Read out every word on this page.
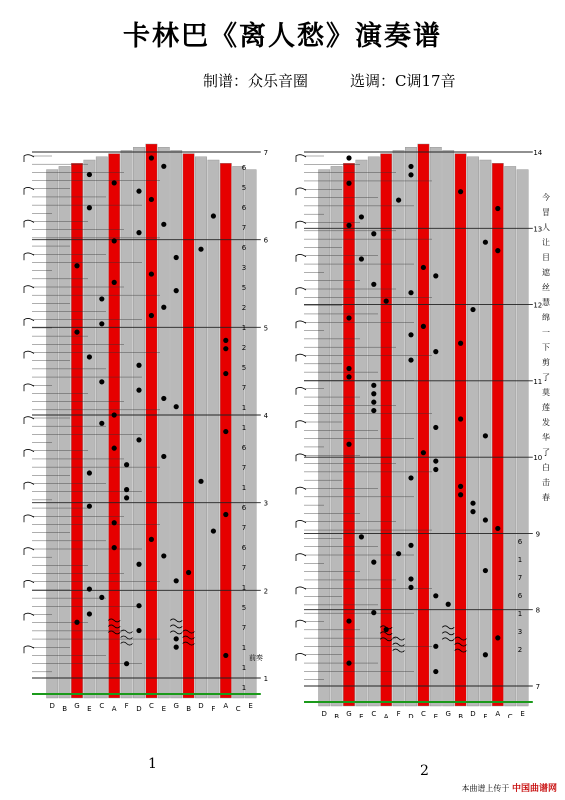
卡林巴《离人愁》演奏谱
制谱：众乐音圈	选调：C调17音
D B G E C A F D C E G B D F A C E
7
6
5
4
3
2
1
6
5
6
7
6
3
5
2
1
2
5
7
1
1
6
7
1
6
7
6
7
1
5
7
1
1
1
前奏
D B G E C A F D C E G B D F A C E
14
13
12
11
10
9
8
7
今
冒
人
让
目
遮
丝
慧
绵
一
下
剪
了
莫
莲
发
华
了
白
击
春
6
1
7
6
1
3
2
1	2
本曲谱上传于 中国曲谱网
